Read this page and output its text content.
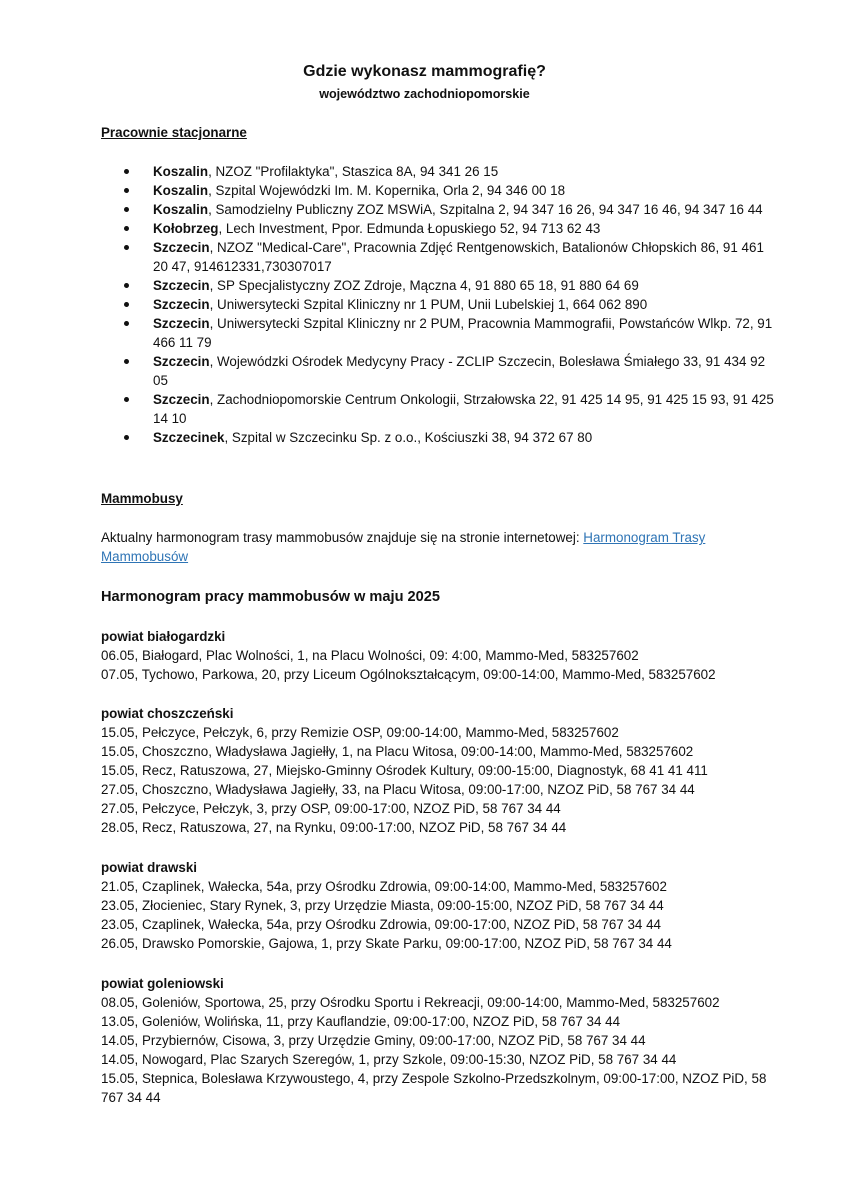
Gdzie wykonasz mammografię?
województwo zachodniopomorskie
Pracownie stacjonarne
Koszalin, NZOZ "Profilaktyka", Staszica 8A, 94 341 26 15
Koszalin, Szpital Wojewódzki Im. M. Kopernika, Orla 2, 94 346 00 18
Koszalin, Samodzielny Publiczny ZOZ MSWiA, Szpitalna 2, 94 347 16 26, 94 347 16 46, 94 347 16 44
Kołobrzeg, Lech Investment, Ppor. Edmunda Łopuskiego 52, 94 713 62 43
Szczecin, NZOZ "Medical-Care", Pracownia Zdjęć Rentgenowskich, Batalionów Chłopskich 86, 91 461 20 47, 914612331,730307017
Szczecin, SP Specjalistyczny ZOZ Zdroje, Mączna 4, 91 880 65 18, 91 880 64 69
Szczecin, Uniwersytecki Szpital Kliniczny nr 1 PUM, Unii Lubelskiej 1, 664 062 890
Szczecin, Uniwersytecki Szpital Kliniczny nr 2 PUM, Pracownia Mammografii, Powstańców Wlkp. 72, 91 466 11 79
Szczecin, Wojewódzki Ośrodek Medycyny Pracy - ZCLIP Szczecin, Bolesława Śmiałego 33, 91 434 92 05
Szczecin, Zachodniopomorskie Centrum Onkologii, Strzałowska 22, 91 425 14 95, 91 425 15 93, 91 425 14 10
Szczecinek, Szpital w Szczecinku Sp. z o.o., Kościuszki 38, 94 372 67 80
Mammobusy
Aktualny harmonogram trasy mammobusów znajduje się na stronie internetowej: Harmonogram Trasy Mammobusów
Harmonogram pracy mammobusów w maju 2025
powiat białogardzki
06.05, Białogard, Plac Wolności, 1, na Placu Wolności, 09: 4:00, Mammo-Med, 583257602
07.05, Tychowo, Parkowa, 20, przy Liceum Ogólnokształcącym, 09:00-14:00, Mammo-Med, 583257602
powiat choszczeński
15.05, Pełczyce, Pełczyk, 6, przy Remizie OSP, 09:00-14:00, Mammo-Med, 583257602
15.05, Choszczno, Władysława Jagiełły, 1, na Placu Witosa, 09:00-14:00, Mammo-Med, 583257602
15.05, Recz, Ratuszowa, 27, Miejsko-Gminny Ośrodek Kultury, 09:00-15:00, Diagnostyk, 68 41 41 411
27.05, Choszczno, Władysława Jagiełły, 33, na Placu Witosa, 09:00-17:00, NZOZ PiD, 58 767 34 44
27.05, Pełczyce, Pełczyk, 3, przy OSP, 09:00-17:00, NZOZ PiD, 58 767 34 44
28.05, Recz, Ratuszowa, 27, na Rynku, 09:00-17:00, NZOZ PiD, 58 767 34 44
powiat drawski
21.05, Czaplinek, Wałecka, 54a, przy Ośrodku Zdrowia, 09:00-14:00, Mammo-Med, 583257602
23.05, Złocieniec, Stary Rynek, 3, przy Urzędzie Miasta, 09:00-15:00, NZOZ PiD, 58 767 34 44
23.05, Czaplinek, Wałecka, 54a, przy Ośrodku Zdrowia, 09:00-17:00, NZOZ PiD, 58 767 34 44
26.05, Drawsko Pomorskie, Gajowa, 1, przy Skate Parku, 09:00-17:00, NZOZ PiD, 58 767 34 44
powiat goleniowski
08.05, Goleniów, Sportowa, 25, przy Ośrodku Sportu i Rekreacji, 09:00-14:00, Mammo-Med, 583257602
13.05, Goleniów, Wolińska, 11, przy Kauflandzie, 09:00-17:00, NZOZ PiD, 58 767 34 44
14.05, Przybiernów, Cisowa, 3, przy Urzędzie Gminy, 09:00-17:00, NZOZ PiD, 58 767 34 44
14.05, Nowogard, Plac Szarych Szeregów, 1, przy Szkole, 09:00-15:30, NZOZ PiD, 58 767 34 44
15.05, Stepnica, Bolesława Krzywoustego, 4, przy Zespole Szkolno-Przedszkolnym, 09:00-17:00, NZOZ PiD, 58 767 34 44
